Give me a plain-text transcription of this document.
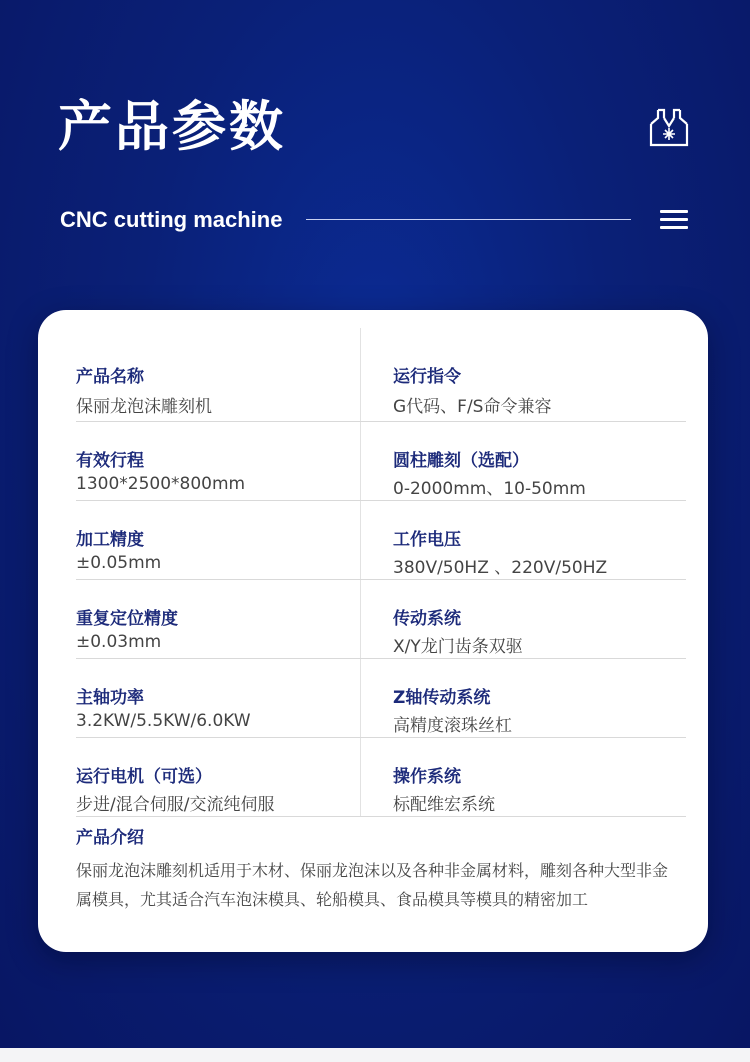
产品参数
CNC cutting machine
产品名称
保丽龙泡沫雕刻机
运行指令
G代码、F/S命令兼容
有效行程
1300*2500*800mm
圆柱雕刻（选配）
0-2000mm、10-50mm
加工精度
±0.05mm
工作电压
380V/50HZ 、220V/50HZ
重复定位精度
±0.03mm
传动系统
X/Y龙门齿条双驱
主轴功率
3.2KW/5.5KW/6.0KW
Z轴传动系统
高精度滚珠丝杠
运行电机（可选）
步进/混合伺服/交流纯伺服
操作系统
标配维宏系统
产品介绍
保丽龙泡沫雕刻机适用于木材、保丽龙泡沫以及各种非金属材料，雕刻各种大型非金属模具，尤其适合汽车泡沫模具、轮船模具、食品模具等模具的精密加工
